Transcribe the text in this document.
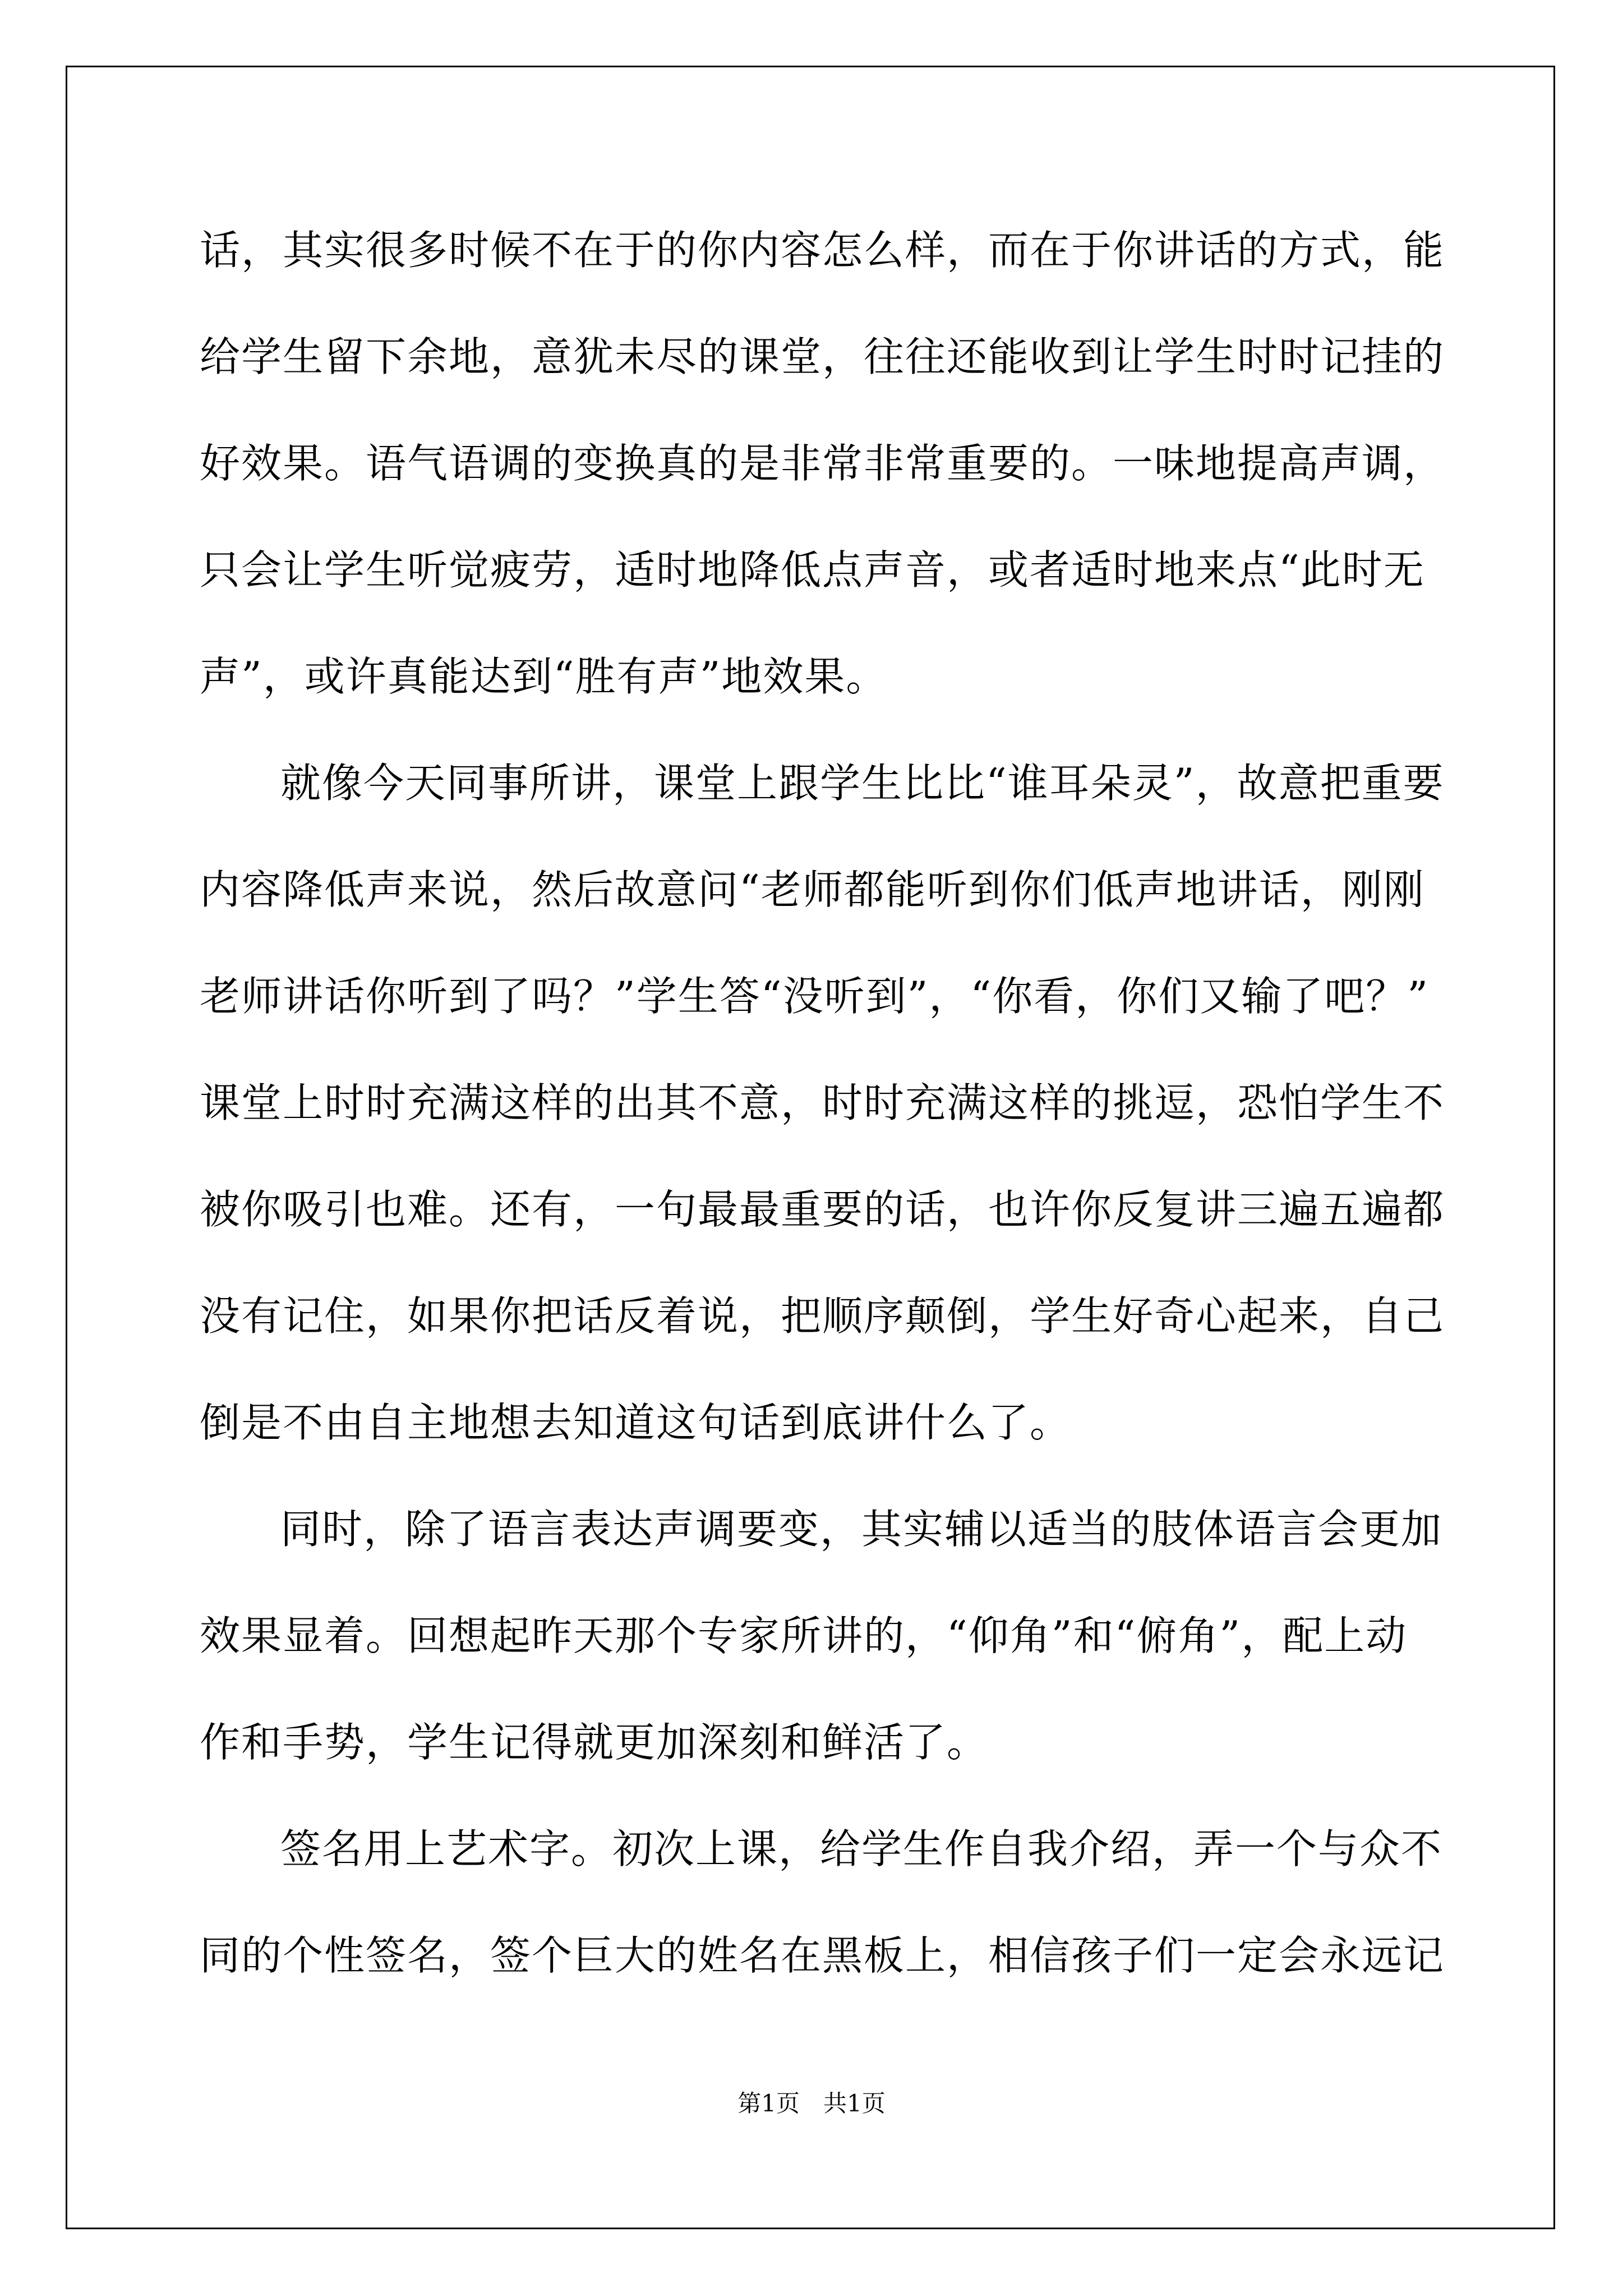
话，其实很多时候不在于的你内容怎么样，而在于你讲话的方式，能
给学生留下余地，意犹未尽的课堂，往往还能收到让学生时时记挂的
好效果。语气语调的变换真的是非常非常重要的。一味地提高声调，
只会让学生听觉疲劳，适时地降低点声音，或者适时地来点“此时无
声”，或许真能达到“胜有声”地效果。
就像今天同事所讲，课堂上跟学生比比“谁耳朵灵”，故意把重要
内容降低声来说，然后故意问“老师都能听到你们低声地讲话，刚刚
老师讲话你听到了吗？”学生答“没听到”，“你看，你们又输了吧？”
课堂上时时充满这样的出其不意，时时充满这样的挑逗，恐怕学生不
被你吸引也难。还有，一句最最重要的话，也许你反复讲三遍五遍都
没有记住，如果你把话反着说，把顺序颠倒，学生好奇心起来，自己
倒是不由自主地想去知道这句话到底讲什么了。
同时，除了语言表达声调要变，其实辅以适当的肢体语言会更加
效果显着。回想起昨天那个专家所讲的，“仰角”和“俯角”，配上动
作和手势，学生记得就更加深刻和鲜活了。
签名用上艺术字。初次上课，给学生作自我介绍，弄一个与众不
同的个性签名，签个巨大的姓名在黑板上，相信孩子们一定会永远记
第1页　共1页
